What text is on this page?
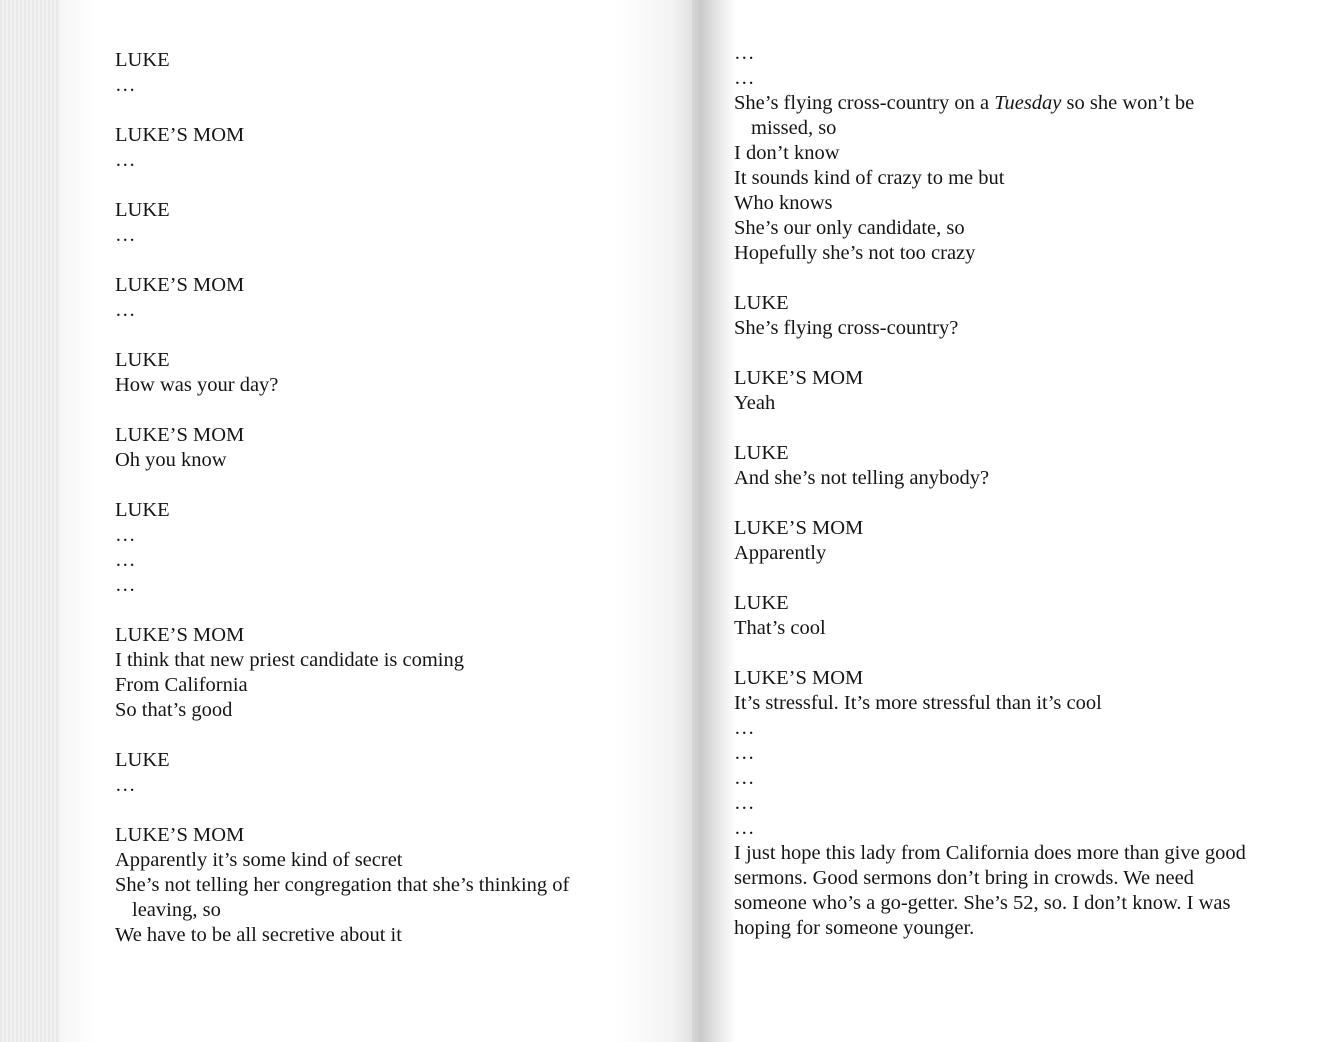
LUKE
…
LUKE’S MOM
…
LUKE
…
LUKE’S MOM
…
LUKE
How was your day?
LUKE’S MOM
Oh you know
LUKE
…
…
…
LUKE’S MOM
I think that new priest candidate is coming
From California
So that’s good
LUKE
…
LUKE’S MOM
Apparently it’s some kind of secret
She’s not telling her congregation that she’s thinking of
leaving, so
We have to be all secretive about it
…
…
She’s flying cross-country on a Tuesday so she won’t be
missed, so
I don’t know
It sounds kind of crazy to me but
Who knows
She’s our only candidate, so
Hopefully she’s not too crazy
LUKE
She’s flying cross-country?
LUKE’S MOM
Yeah
LUKE
And she’s not telling anybody?
LUKE’S MOM
Apparently
LUKE
That’s cool
LUKE’S MOM
It’s stressful. It’s more stressful than it’s cool
…
…
…
…
…
I just hope this lady from California does more than give good
sermons. Good sermons don’t bring in crowds. We need
someone who’s a go-getter. She’s 52, so. I don’t know. I was
hoping for someone younger.
